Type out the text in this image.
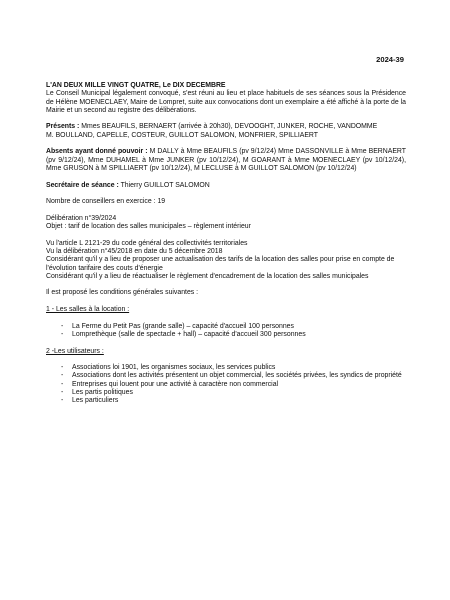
2024-39

L'AN DEUX MILLE VINGT QUATRE, Le DIX DECEMBRE

Le Conseil Municipal légalement convoqué, s'est réuni au lieu et place habituels de ses séances sous la Présidence de Hélène MOENECLAEY, Maire de Lompret, suite aux convocations dont un exemplaire a été affiché à la porte de la Mairie et un second au registre des délibérations.

Présents : Mmes BEAUFILS, BERNAERT (arrivée à 20h30), DEVOOGHT, JUNKER, ROCHE, VANDOMME

M. BOULLAND, CAPELLE, COSTEUR, GUILLOT SALOMON, MONFRIER, SPILLIAERT

Absents ayant donné pouvoir : M DALLY à Mme BEAUFILS (pv 9/12/24) Mme DASSONVILLE à Mme BERNAERT (pv 9/12/24), Mme DUHAMEL à Mme JUNKER (pv 10/12/24), M GOARANT à Mme MOENECLAEY (pv 10/12/24), Mme GRUSON à M SPILLIAERT (pv 10/12/24), M LECLUSE à M GUILLOT SALOMON (pv 10/12/24)

Secrétaire de séance : Thierry GUILLOT SALOMON

Nombre de conseillers en exercice : 19

Délibération n°39/2024

Objet : tarif de location des salles municipales – règlement intérieur

Vu l'article L 2121-29 du code général des collectivités territoriales

Vu la délibération n°45/2018 en date du 5 décembre 2018

Considérant qu'il y a lieu de proposer une actualisation des tarifs de la location des salles pour prise en compte de l'évolution tarifaire des couts d'énergie

Considérant qu'il y a lieu de réactualiser le règlement d'encadrement de la location des salles municipales

Il est proposé les conditions générales suivantes :

1 - Les salles à la location :

- La Ferme du Petit Pas (grande salle) – capacité d'accueil 100 personnes
- Lomprethèque (salle de spectacle + hall) – capacité d'accueil 300 personnes

2 -Les utilisateurs :

- Associations loi 1901, les organismes sociaux, les services publics
- Associations dont les activités présentent un objet commercial, les sociétés privées, les syndics de propriété
- Entreprises qui louent pour une activité à caractère non commercial
- Les partis politiques
- Les particuliers
